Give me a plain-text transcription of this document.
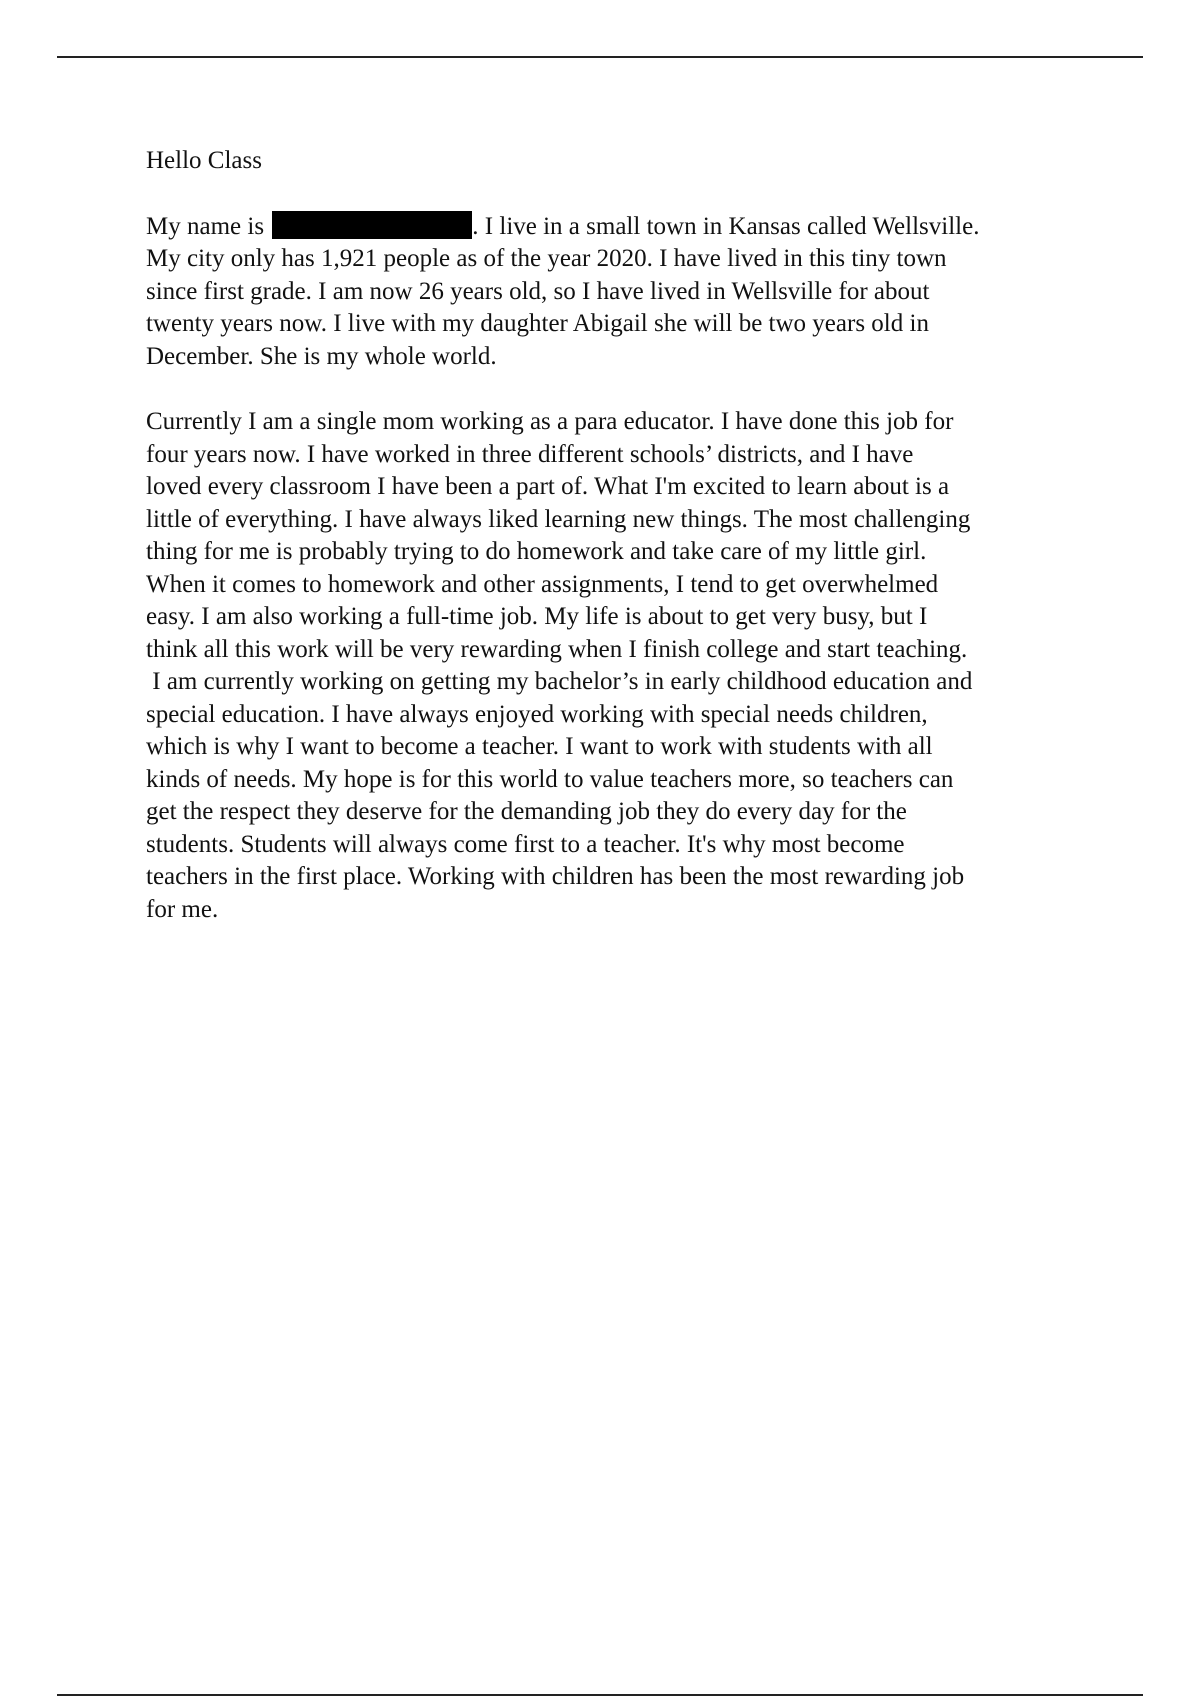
Hello Class

My name is	. I live in a small town in Kansas called Wellsville.
My city only has 1,921 people as of the year 2020. I have lived in this tiny town
since first grade. I am now 26 years old, so I have lived in Wellsville for about
twenty years now. I live with my daughter Abigail she will be two years old in
December. She is my whole world.

Currently I am a single mom working as a para educator. I have done this job for
four years now. I have worked in three different schools’ districts, and I have
loved every classroom I have been a part of. What I'm excited to learn about is a
little of everything. I have always liked learning new things. The most challenging
thing for me is probably trying to do homework and take care of my little girl.
When it comes to homework and other assignments, I tend to get overwhelmed
easy. I am also working a full-time job. My life is about to get very busy, but I
think all this work will be very rewarding when I finish college and start teaching.
I am currently working on getting my bachelor’s in early childhood education and
special education. I have always enjoyed working with special needs children,
which is why I want to become a teacher. I want to work with students with all
kinds of needs. My hope is for this world to value teachers more, so teachers can
get the respect they deserve for the demanding job they do every day for the
students. Students will always come first to a teacher. It's why most become
teachers in the first place. Working with children has been the most rewarding job
for me.
